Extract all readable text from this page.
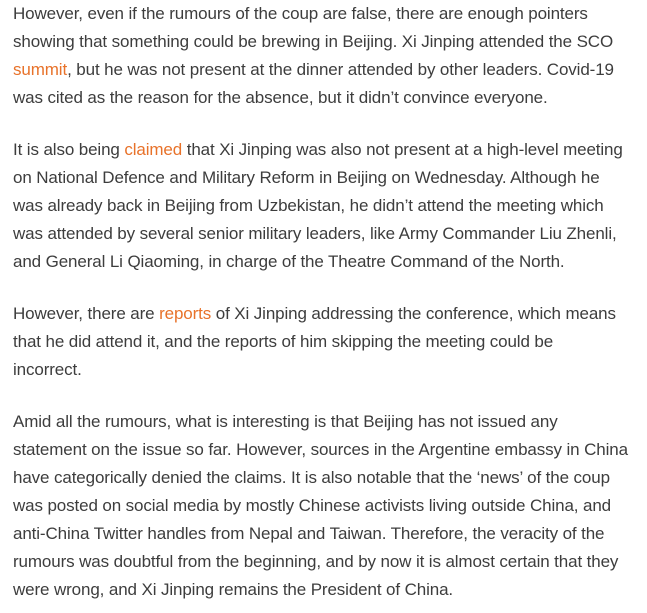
However, even if the rumours of the coup are false, there are enough pointers
showing that something could be brewing in Beijing. Xi Jinping attended the SCO
summit, but he was not present at the dinner attended by other leaders. Covid-19
was cited as the reason for the absence, but it didn’t convince everyone.

It is also being claimed that Xi Jinping was also not present at a high-level meeting
on National Defence and Military Reform in Beijing on Wednesday. Although he
was already back in Beijing from Uzbekistan, he didn’t attend the meeting which
was attended by several senior military leaders, like Army Commander Liu Zhenli,
and General Li Qiaoming, in charge of the Theatre Command of the North.

However, there are reports of Xi Jinping addressing the conference, which means
that he did attend it, and the reports of him skipping the meeting could be
incorrect.

Amid all the rumours, what is interesting is that Beijing has not issued any
statement on the issue so far. However, sources in the Argentine embassy in China
have categorically denied the claims. It is also notable that the ‘news’ of the coup
was posted on social media by mostly Chinese activists living outside China, and
anti-China Twitter handles from Nepal and Taiwan. Therefore, the veracity of the
rumours was doubtful from the beginning, and by now it is almost certain that they
were wrong, and Xi Jinping remains the President of China.
